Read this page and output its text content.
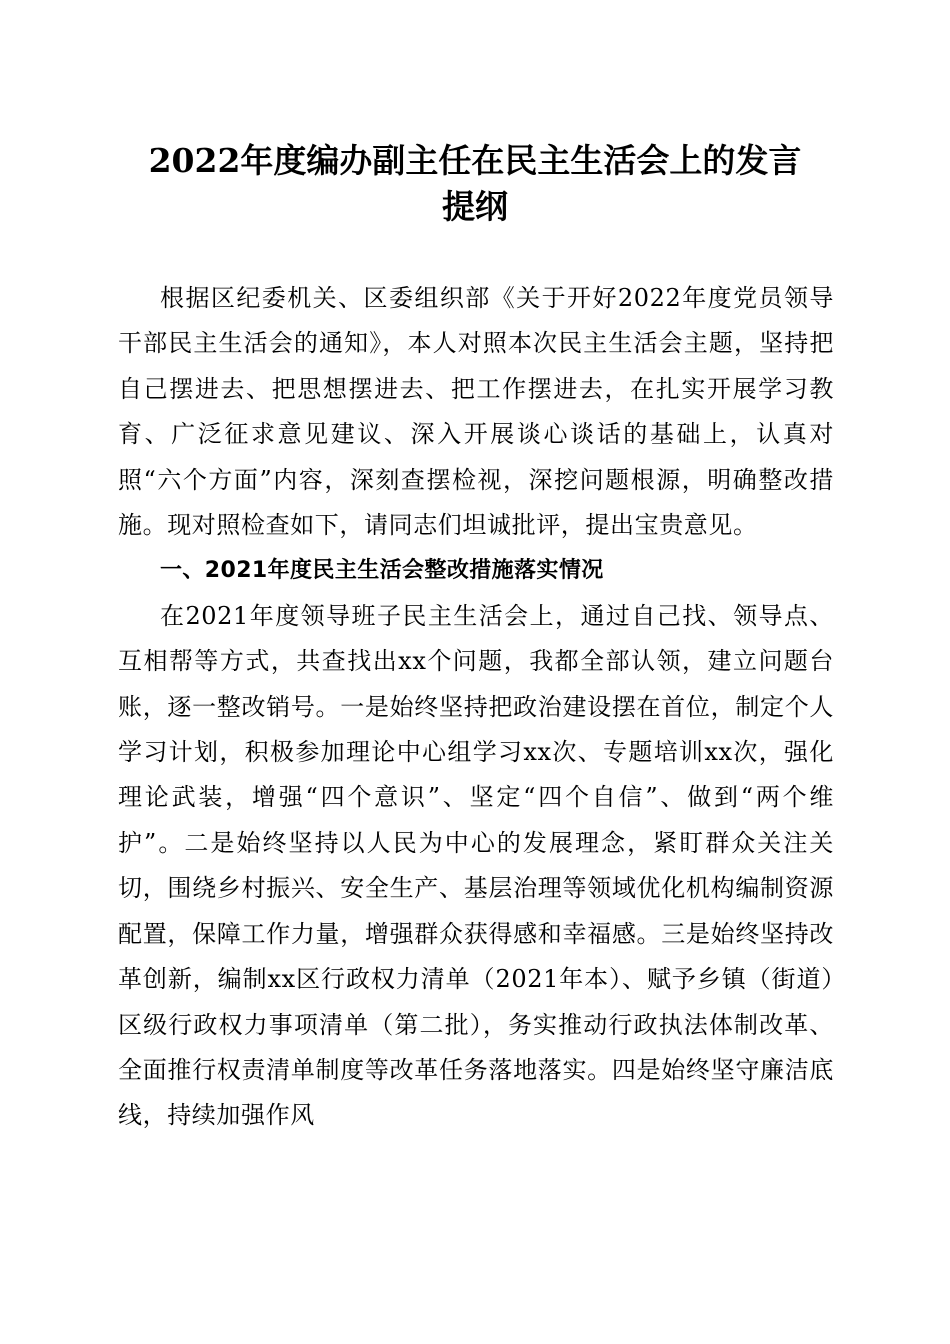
2022年度编办副主任在民主生活会上的发言
提纲

根据区纪委机关、区委组织部《关于开好2022年度党员领导干部民主生活会的通知》，本人对照本次民主生活会主题，坚持把自己摆进去、把思想摆进去、把工作摆进去，在扎实开展学习教育、广泛征求意见建议、深入开展谈心谈话的基础上，认真对照“六个方面”内容，深刻查摆检视，深挖问题根源，明确整改措施。现对照检查如下，请同志们坦诚批评，提出宝贵意见。

一、2021年度民主生活会整改措施落实情况

在2021年度领导班子民主生活会上，通过自己找、领导点、互相帮等方式，共查找出xx个问题，我都全部认领，建立问题台账，逐一整改销号。一是始终坚持把政治建设摆在首位，制定个人学习计划，积极参加理论中心组学习xx次、专题培训xx次，强化理论武装，增强“四个意识”、坚定“四个自信”、做到“两个维护”。二是始终坚持以人民为中心的发展理念，紧盯群众关注关切，围绕乡村振兴、安全生产、基层治理等领域优化机构编制资源配置，保障工作力量，增强群众获得感和幸福感。三是始终坚持改革创新，编制xx区行政权力清单（2021年本）、赋予乡镇（街道）区级行政权力事项清单（第二批），务实推动行政执法体制改革、全面推行权责清单制度等改革任务落地落实。四是始终坚守廉洁底线，持续加强作风
